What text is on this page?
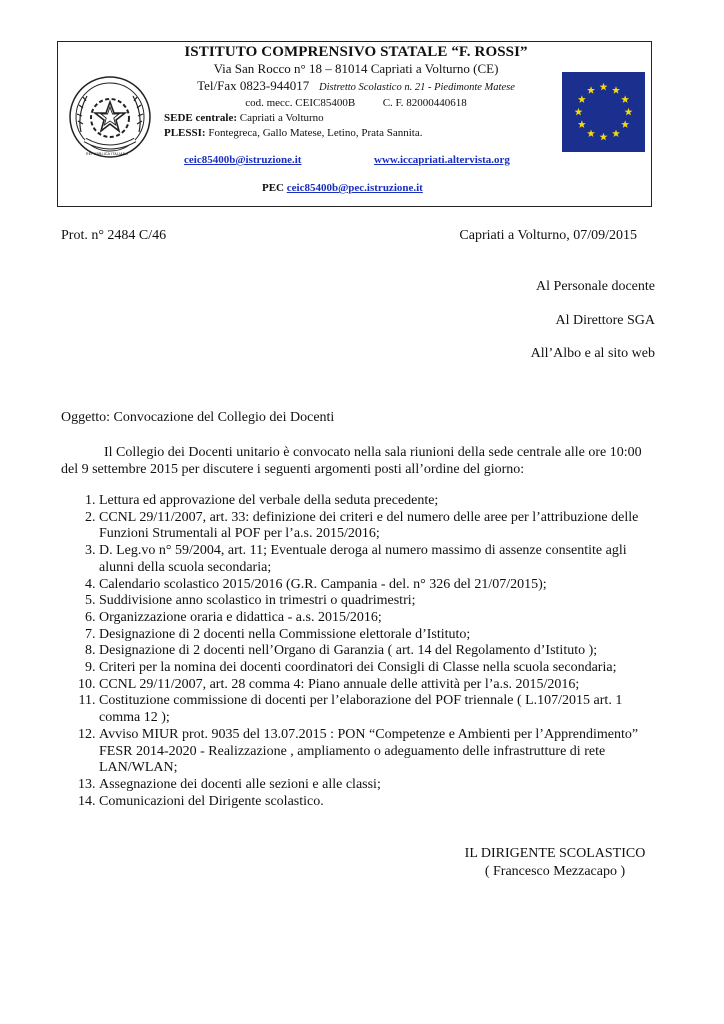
REPUBBLICA ITALIANA
ISTITUTO COMPRENSIVO STATALE “F. ROSSI”
Via San Rocco n° 18 – 81014 Capriati a Volturno (CE)
Tel/Fax 0823-944017 Distretto Scolastico n. 21 - Piedimonte Matese
cod. mecc. CEIC85400B          C. F. 82000440618
SEDE centrale: Capriati a Volturno
PLESSI: Fontegreca, Gallo Matese, Letino, Prata Sannita.
ceic85400b@istruzione.it	www.iccapriati.altervista.org
PEC ceic85400b@pec.istruzione.it
Prot. n° 2484 C/46	Capriati a Volturno, 07/09/2015
Al Personale docente
Al Direttore SGA
All’Albo e al sito web
Oggetto: Convocazione del Collegio dei Docenti

Il Collegio dei Docenti unitario è convocato nella sala riunioni della sede centrale alle ore 10:00 del 9 settembre 2015 per discutere i seguenti argomenti posti all’ordine del giorno:

1. Lettura ed approvazione del verbale della seduta precedente;
2. CCNL 29/11/2007, art. 33: definizione dei criteri e del numero delle aree per l’attribuzione delle Funzioni Strumentali al POF per l’a.s. 2015/2016;
3. D. Leg.vo n° 59/2004, art. 11; Eventuale deroga al numero massimo di assenze consentite agli alunni della scuola secondaria;
4. Calendario scolastico 2015/2016 (G.R. Campania - del. n° 326 del 21/07/2015);
5. Suddivisione anno scolastico in trimestri o quadrimestri;
6. Organizzazione oraria e didattica - a.s. 2015/2016;
7. Designazione di 2 docenti nella Commissione elettorale d’Istituto;
8. Designazione di 2 docenti nell’Organo di Garanzia ( art. 14 del Regolamento d’Istituto );
9. Criteri per la nomina dei docenti coordinatori dei Consigli di Classe nella scuola secondaria;
10. CCNL 29/11/2007, art. 28 comma 4: Piano annuale delle attività per l’a.s. 2015/2016;
11. Costituzione commissione di docenti per l’elaborazione del POF triennale ( L.107/2015 art. 1 comma 12 );
12. Avviso MIUR prot. 9035 del 13.07.2015 : PON “Competenze e Ambienti per l’Apprendimento” FESR 2014-2020 - Realizzazione , ampliamento o adeguamento delle infrastrutture di rete LAN/WLAN;
13. Assegnazione dei docenti alle sezioni e alle classi;
14. Comunicazioni del Dirigente scolastico.
IL DIRIGENTE SCOLASTICO
( Francesco Mezzacapo )
